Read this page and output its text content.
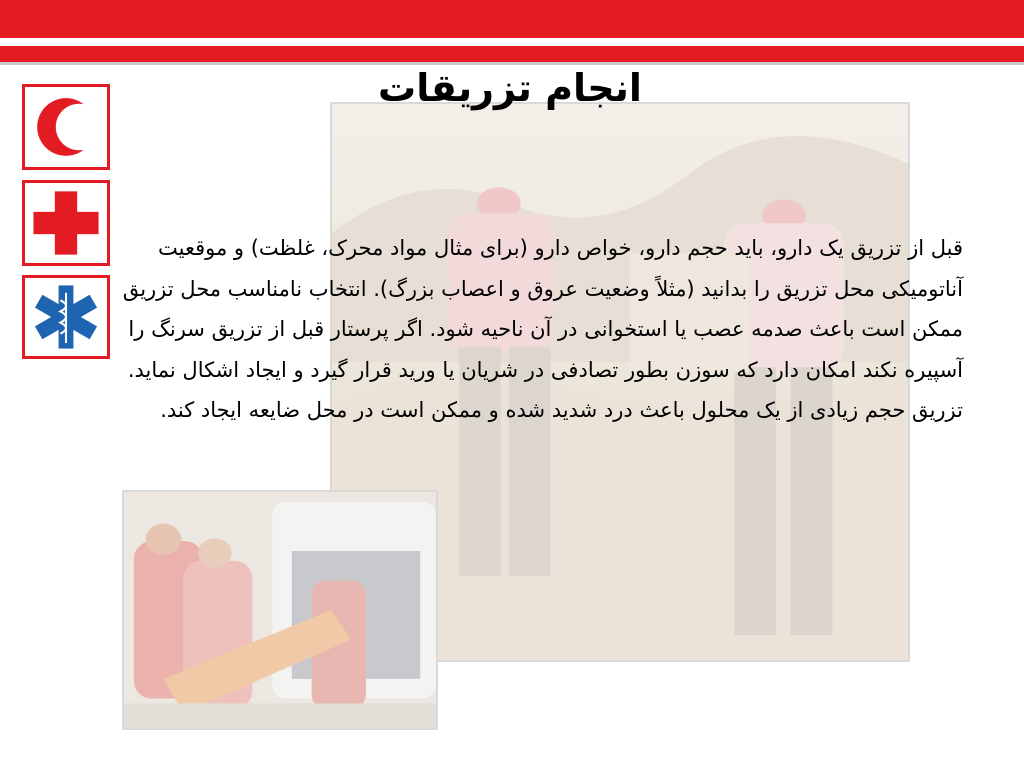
انجام تزریقات

قبل از تزریق یک دارو، باید حجم دارو، خواص دارو (برای مثال مواد محرک، غلظت) و موقعیت آناتومیکی محل تزریق را بدانید (مثلاً وضعیت عروق و اعصاب بزرگ). انتخاب نامناسب محل تزریق ممکن است باعث صدمه عصب یا استخوانی در آن ناحیه شود. اگر پرستار قبل از تزریق سرنگ را آسپیره نکند امکان دارد که سوزن بطور تصادفی در شریان یا ورید قرار گیرد و ایجاد اشکال نماید. تزریق حجم زیادی از یک محلول باعث درد شدید شده و ممکن است در محل ضایعه ایجاد کند.
